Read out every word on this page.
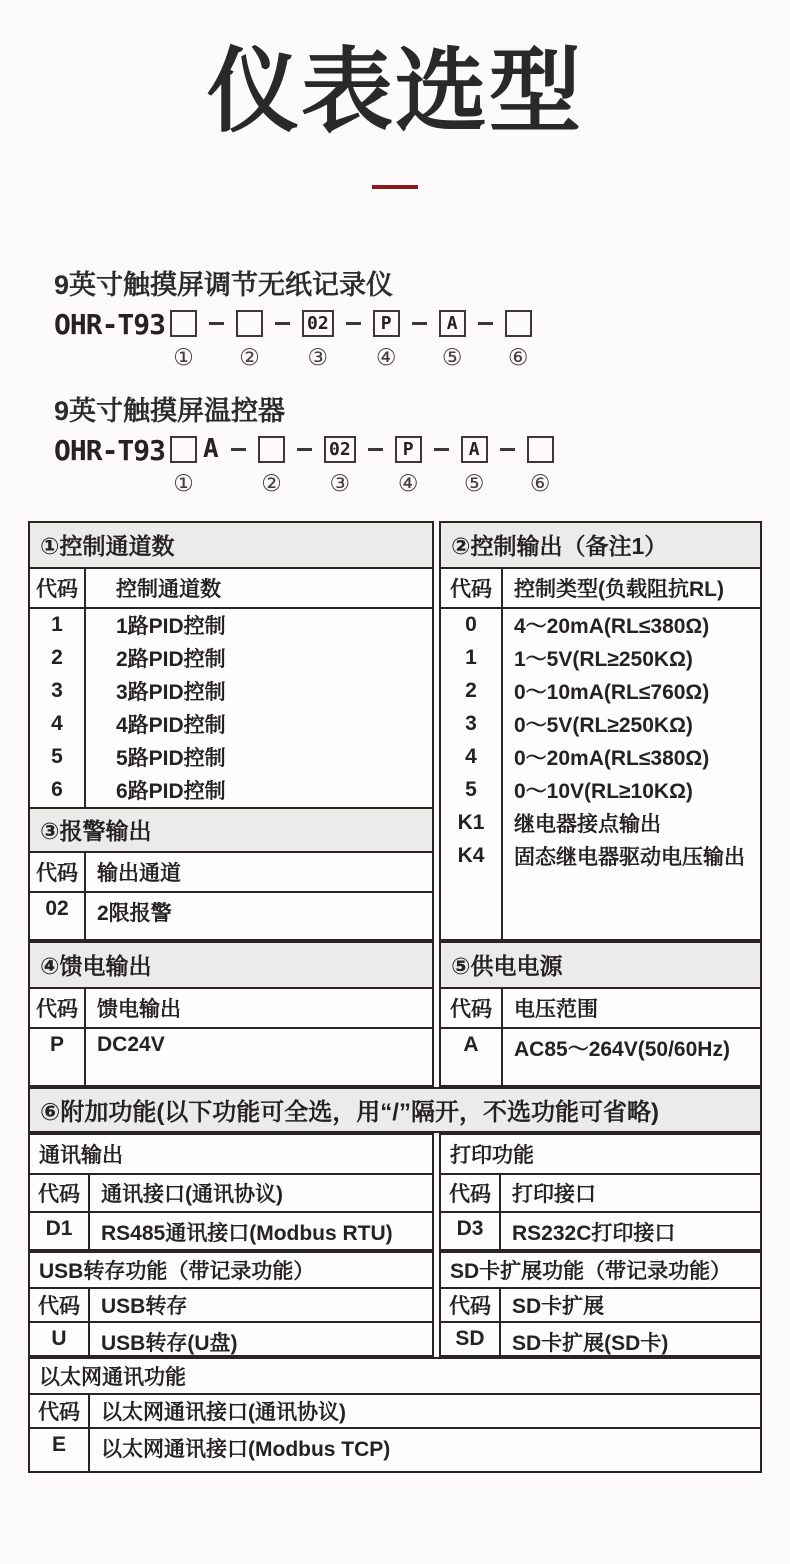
仪表选型
9英寸触摸屏调节无纸记录仪
OHR-T93
① ②
02
③
P
④
A
⑤ ⑥
9英寸触摸屏温控器
OHR-T93 A
①	②
02
③
P
④
A
⑤ ⑥
①控制通道数
代码	控制通道数
1	1路PID控制
2	2路PID控制
3	3路PID控制
4	4路PID控制
5	5路PID控制
6	6路PID控制
③报警输出
代码 输出通道
02	2限报警
②控制输出（备注1）
代码	控制类型(负载阻抗RL)
0	4～20mA(RL≤380Ω)
1	1～5V(RL≥250KΩ)
2	0～10mA(RL≤760Ω)
3	0～5V(RL≥250KΩ)
4	0～20mA(RL≤380Ω)
5	0～10V(RL≥10KΩ)
K1	继电器接点输出
K4	固态继电器驱动电压输出
④馈电输出
代码 馈电输出
P	DC24V
⑤供电电源
代码	电压范围
A	AC85～264V(50/60Hz)
⑥附加功能(以下功能可全选，用“/”隔开，不选功能可省略)
通讯输出
代码	通讯接口(通讯协议)
D1	RS485通讯接口(Modbus RTU)
打印功能
代码	打印接口
D3	RS232C打印接口
USB转存功能（带记录功能）
代码	USB转存
U	USB转存(U盘)
SD卡扩展功能（带记录功能）
代码	SD卡扩展
SD	SD卡扩展(SD卡)
以太网通讯功能
代码	以太网通讯接口(通讯协议)
E	以太网通讯接口(Modbus TCP)
